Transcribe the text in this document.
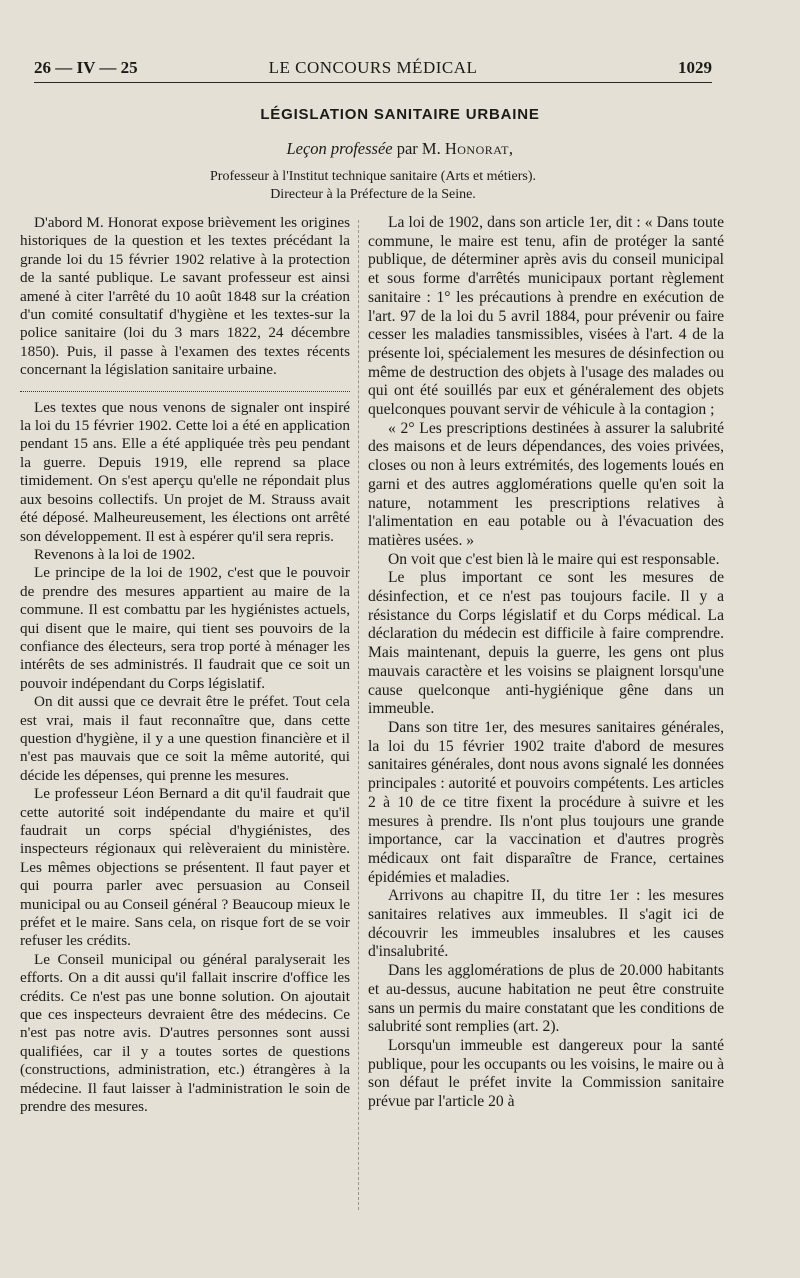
26 — IV — 25	LE CONCOURS MÉDICAL	1029
LÉGISLATION SANITAIRE URBAINE
Leçon professée par M. Honorat,
Professeur à l'Institut technique sanitaire (Arts et métiers).
Directeur à la Préfecture de la Seine.

D'abord M. Honorat expose brièvement les origines historiques de la question et les textes précédant la grande loi du 15 février 1902 relative à la protection de la santé publique. Le savant professeur est ainsi amené à citer l'arrêté du 10 août 1848 sur la création d'un comité consultatif d'hygiène et les textes-sur la police sanitaire (loi du 3 mars 1822, 24 décembre 1850). Puis, il passe à l'examen des textes récents concernant la législation sanitaire urbaine.

Les textes que nous venons de signaler ont inspiré la loi du 15 février 1902. Cette loi a été en application pendant 15 ans. Elle a été appliquée très peu pendant la guerre. Depuis 1919, elle reprend sa place timidement. On s'est aperçu qu'elle ne répondait plus aux besoins collectifs. Un projet de M. Strauss avait été déposé. Malheureusement, les élections ont arrêté son développement. Il est à espérer qu'il sera repris.

Revenons à la loi de 1902.

Le principe de la loi de 1902, c'est que le pouvoir de prendre des mesures appartient au maire de la commune. Il est combattu par les hygiénistes actuels, qui disent que le maire, qui tient ses pouvoirs de la confiance des électeurs, sera trop porté à ménager les intérêts de ses administrés. Il faudrait que ce soit un pouvoir indépendant du Corps législatif.

On dit aussi que ce devrait être le préfet. Tout cela est vrai, mais il faut reconnaître que, dans cette question d'hygiène, il y a une question financière et il n'est pas mauvais que ce soit la même autorité, qui décide les dépenses, qui prenne les mesures.

Le professeur Léon Bernard a dit qu'il faudrait que cette autorité soit indépendante du maire et qu'il faudrait un corps spécial d'hygiénistes, des inspecteurs régionaux qui relèveraient du ministère. Les mêmes objections se présentent. Il faut payer et qui pourra parler avec persuasion au Conseil municipal ou au Conseil général ? Beaucoup mieux le préfet et le maire. Sans cela, on risque fort de se voir refuser les crédits.

Le Conseil municipal ou général paralyserait les efforts. On a dit aussi qu'il fallait inscrire d'office les crédits. Ce n'est pas une bonne solution. On ajoutait que ces inspecteurs devraient être des médecins. Ce n'est pas notre avis. D'autres personnes sont aussi qualifiées, car il y a toutes sortes de questions (constructions, administration, etc.) étrangères à la médecine. Il faut laisser à l'administration le soin de prendre des mesures.

La loi de 1902, dans son article 1er, dit : « Dans toute commune, le maire est tenu, afin de protéger la santé publique, de déterminer après avis du conseil municipal et sous forme d'arrêtés municipaux portant règlement sanitaire : 1° les précautions à prendre en exécution de l'art. 97 de la loi du 5 avril 1884, pour prévenir ou faire cesser les maladies tansmissibles, visées à l'art. 4 de la présente loi, spécialement les mesures de désinfection ou même de destruction des objets à l'usage des malades ou qui ont été souillés par eux et généralement des objets quelconques pouvant servir de véhicule à la contagion ;

« 2° Les prescriptions destinées à assurer la salubrité des maisons et de leurs dépendances, des voies privées, closes ou non à leurs extrémités, des logements loués en garni et des autres agglomérations quelle qu'en soit la nature, notamment les prescriptions relatives à l'alimentation en eau potable ou à l'évacuation des matières usées. »

On voit que c'est bien là le maire qui est responsable.

Le plus important ce sont les mesures de désinfection, et ce n'est pas toujours facile. Il y a résistance du Corps législatif et du Corps médical. La déclaration du médecin est difficile à faire comprendre. Mais maintenant, depuis la guerre, les gens ont plus mauvais caractère et les voisins se plaignent lorsqu'une cause quelconque anti-hygiénique gêne dans un immeuble.

Dans son titre 1er, des mesures sanitaires générales, la loi du 15 février 1902 traite d'abord de mesures sanitaires générales, dont nous avons signalé les données principales : autorité et pouvoirs compétents. Les articles 2 à 10 de ce titre fixent la procédure à suivre et les mesures à prendre. Ils n'ont plus toujours une grande importance, car la vaccination et d'autres progrès médicaux ont fait disparaître de France, certaines épidémies et maladies.

Arrivons au chapitre II, du titre 1er : les mesures sanitaires relatives aux immeubles. Il s'agit ici de découvrir les immeubles insalubres et les causes d'insalubrité.

Dans les agglomérations de plus de 20.000 habitants et au-dessus, aucune habitation ne peut être construite sans un permis du maire constatant que les conditions de salubrité sont remplies (art. 2).

Lorsqu'un immeuble est dangereux pour la santé publique, pour les occupants ou les voisins, le maire ou à son défaut le préfet invite la Commission sanitaire prévue par l'article 20 à
